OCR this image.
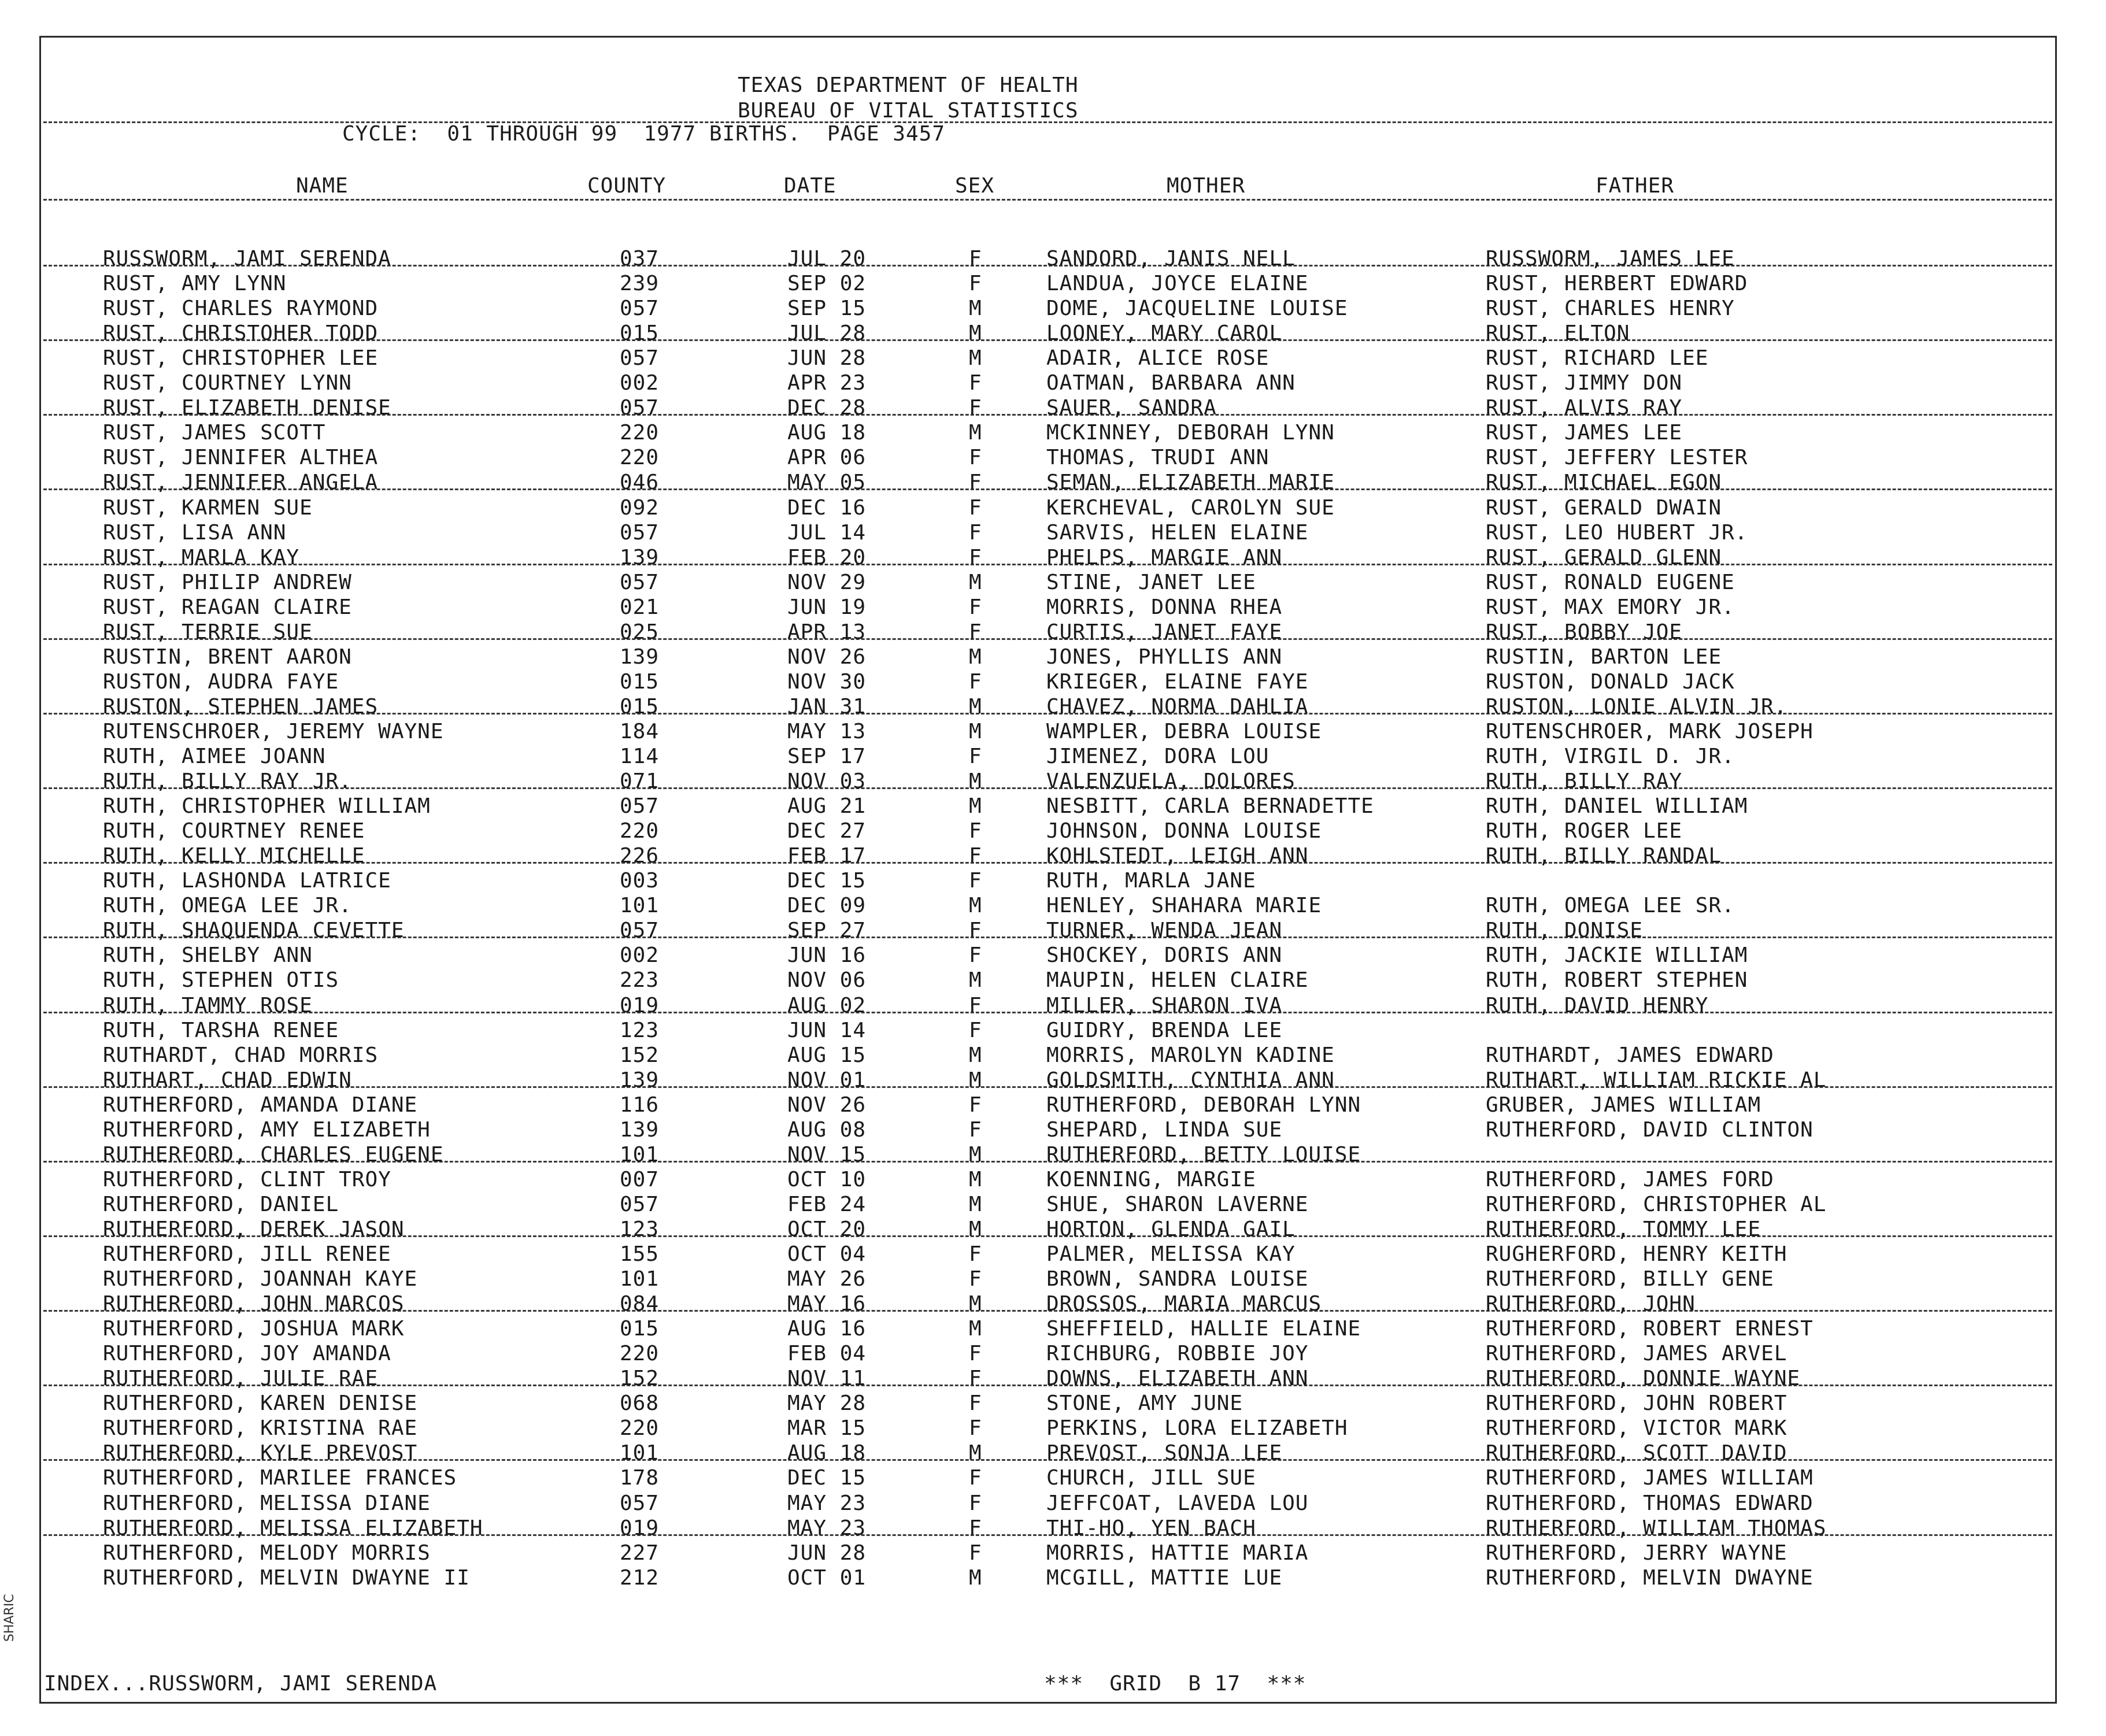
SHARIC
TEXAS DEPARTMENT OF HEALTH
BUREAU OF VITAL STATISTICS
CYCLE:  01 THROUGH 99  1977 BIRTHS.  PAGE 3457
NAME	COUNTY	DATE	SEX	MOTHER	FATHER
RUSSWORM, JAMI SERENDA	037	JUL 20	F	SANDORD, JANIS NELL	RUSSWORM, JAMES LEE
RUST, AMY LYNN	239	SEP 02	F	LANDUA, JOYCE ELAINE	RUST, HERBERT EDWARD
RUST, CHARLES RAYMOND	057	SEP 15	M	DOME, JACQUELINE LOUISE	RUST, CHARLES HENRY
RUST, CHRISTOHER TODD	015	JUL 28	M	LOONEY, MARY CAROL	RUST, ELTON
RUST, CHRISTOPHER LEE	057	JUN 28	M	ADAIR, ALICE ROSE	RUST, RICHARD LEE
RUST, COURTNEY LYNN	002	APR 23	F	OATMAN, BARBARA ANN	RUST, JIMMY DON
RUST, ELIZABETH DENISE	057	DEC 28	F	SAUER, SANDRA	RUST, ALVIS RAY
RUST, JAMES SCOTT	220	AUG 18	M	MCKINNEY, DEBORAH LYNN	RUST, JAMES LEE
RUST, JENNIFER ALTHEA	220	APR 06	F	THOMAS, TRUDI ANN	RUST, JEFFERY LESTER
RUST, JENNIFER ANGELA	046	MAY 05	F	SEMAN, ELIZABETH MARIE	RUST, MICHAEL EGON
RUST, KARMEN SUE	092	DEC 16	F	KERCHEVAL, CAROLYN SUE	RUST, GERALD DWAIN
RUST, LISA ANN	057	JUL 14	F	SARVIS, HELEN ELAINE	RUST, LEO HUBERT JR.
RUST, MARLA KAY	139	FEB 20	F	PHELPS, MARGIE ANN	RUST, GERALD GLENN
RUST, PHILIP ANDREW	057	NOV 29	M	STINE, JANET LEE	RUST, RONALD EUGENE
RUST, REAGAN CLAIRE	021	JUN 19	F	MORRIS, DONNA RHEA	RUST, MAX EMORY JR.
RUST, TERRIE SUE	025	APR 13	F	CURTIS, JANET FAYE	RUST, BOBBY JOE
RUSTIN, BRENT AARON	139	NOV 26	M	JONES, PHYLLIS ANN	RUSTIN, BARTON LEE
RUSTON, AUDRA FAYE	015	NOV 30	F	KRIEGER, ELAINE FAYE	RUSTON, DONALD JACK
RUSTON, STEPHEN JAMES	015	JAN 31	M	CHAVEZ, NORMA DAHLIA	RUSTON, LONIE ALVIN JR.
RUTENSCHROER, JEREMY WAYNE	184	MAY 13	M	WAMPLER, DEBRA LOUISE	RUTENSCHROER, MARK JOSEPH
RUTH, AIMEE JOANN	114	SEP 17	F	JIMENEZ, DORA LOU	RUTH, VIRGIL D. JR.
RUTH, BILLY RAY JR.	071	NOV 03	M	VALENZUELA, DOLORES	RUTH, BILLY RAY
RUTH, CHRISTOPHER WILLIAM	057	AUG 21	M	NESBITT, CARLA BERNADETTE	RUTH, DANIEL WILLIAM
RUTH, COURTNEY RENEE	220	DEC 27	F	JOHNSON, DONNA LOUISE	RUTH, ROGER LEE
RUTH, KELLY MICHELLE	226	FEB 17	F	KOHLSTEDT, LEIGH ANN	RUTH, BILLY RANDAL
RUTH, LASHONDA LATRICE	003	DEC 15	F	RUTH, MARLA JANE
RUTH, OMEGA LEE JR.	101	DEC 09	M	HENLEY, SHAHARA MARIE	RUTH, OMEGA LEE SR.
RUTH, SHAQUENDA CEVETTE	057	SEP 27	F	TURNER, WENDA JEAN	RUTH, DONISE
RUTH, SHELBY ANN	002	JUN 16	F	SHOCKEY, DORIS ANN	RUTH, JACKIE WILLIAM
RUTH, STEPHEN OTIS	223	NOV 06	M	MAUPIN, HELEN CLAIRE	RUTH, ROBERT STEPHEN
RUTH, TAMMY ROSE	019	AUG 02	F	MILLER, SHARON IVA	RUTH, DAVID HENRY
RUTH, TARSHA RENEE	123	JUN 14	F	GUIDRY, BRENDA LEE
RUTHARDT, CHAD MORRIS	152	AUG 15	M	MORRIS, MAROLYN KADINE	RUTHARDT, JAMES EDWARD
RUTHART, CHAD EDWIN	139	NOV 01	M	GOLDSMITH, CYNTHIA ANN	RUTHART, WILLIAM RICKIE AL
RUTHERFORD, AMANDA DIANE	116	NOV 26	F	RUTHERFORD, DEBORAH LYNN	GRUBER, JAMES WILLIAM
RUTHERFORD, AMY ELIZABETH	139	AUG 08	F	SHEPARD, LINDA SUE	RUTHERFORD, DAVID CLINTON
RUTHERFORD, CHARLES EUGENE	101	NOV 15	M	RUTHERFORD, BETTY LOUISE
RUTHERFORD, CLINT TROY	007	OCT 10	M	KOENNING, MARGIE	RUTHERFORD, JAMES FORD
RUTHERFORD, DANIEL	057	FEB 24	M	SHUE, SHARON LAVERNE	RUTHERFORD, CHRISTOPHER AL
RUTHERFORD, DEREK JASON	123	OCT 20	M	HORTON, GLENDA GAIL	RUTHERFORD, TOMMY LEE
RUTHERFORD, JILL RENEE	155	OCT 04	F	PALMER, MELISSA KAY	RUGHERFORD, HENRY KEITH
RUTHERFORD, JOANNAH KAYE	101	MAY 26	F	BROWN, SANDRA LOUISE	RUTHERFORD, BILLY GENE
RUTHERFORD, JOHN MARCOS	084	MAY 16	M	DROSSOS, MARIA MARCUS	RUTHERFORD, JOHN
RUTHERFORD, JOSHUA MARK	015	AUG 16	M	SHEFFIELD, HALLIE ELAINE	RUTHERFORD, ROBERT ERNEST
RUTHERFORD, JOY AMANDA	220	FEB 04	F	RICHBURG, ROBBIE JOY	RUTHERFORD, JAMES ARVEL
RUTHERFORD, JULIE RAE	152	NOV 11	F	DOWNS, ELIZABETH ANN	RUTHERFORD, DONNIE WAYNE
RUTHERFORD, KAREN DENISE	068	MAY 28	F	STONE, AMY JUNE	RUTHERFORD, JOHN ROBERT
RUTHERFORD, KRISTINA RAE	220	MAR 15	F	PERKINS, LORA ELIZABETH	RUTHERFORD, VICTOR MARK
RUTHERFORD, KYLE PREVOST	101	AUG 18	M	PREVOST, SONJA LEE	RUTHERFORD, SCOTT DAVID
RUTHERFORD, MARILEE FRANCES	178	DEC 15	F	CHURCH, JILL SUE	RUTHERFORD, JAMES WILLIAM
RUTHERFORD, MELISSA DIANE	057	MAY 23	F	JEFFCOAT, LAVEDA LOU	RUTHERFORD, THOMAS EDWARD
RUTHERFORD, MELISSA ELIZABETH	019	MAY 23	F	THI-HO, YEN BACH	RUTHERFORD, WILLIAM THOMAS
RUTHERFORD, MELODY MORRIS	227	JUN 28	F	MORRIS, HATTIE MARIA	RUTHERFORD, JERRY WAYNE
RUTHERFORD, MELVIN DWAYNE II	212	OCT 01	M	MCGILL, MATTIE LUE	RUTHERFORD, MELVIN DWAYNE
INDEX...RUSSWORM, JAMI SERENDA	***  GRID  B 17  ***
